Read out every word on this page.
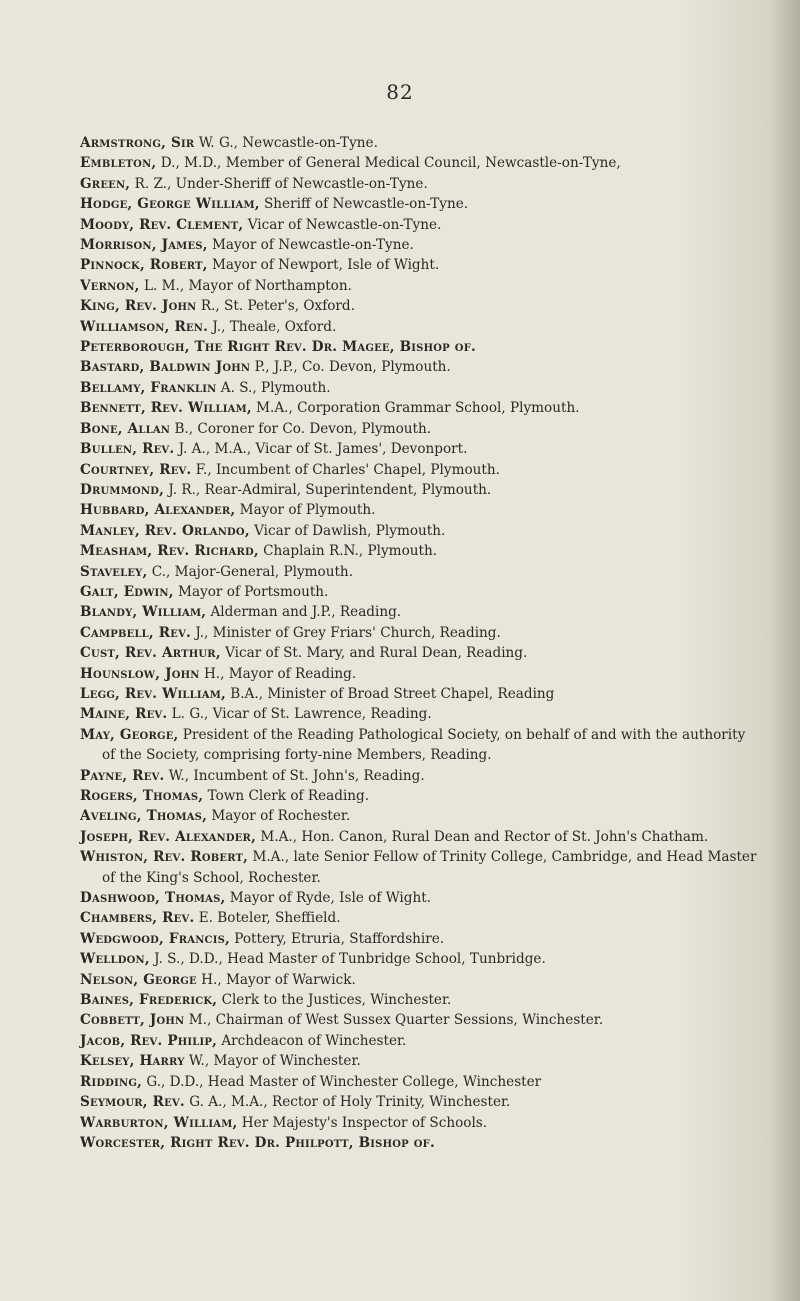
82
Armstrong, Sir W. G., Newcastle-on-Tyne.
Embleton, D., M.D., Member of General Medical Council, Newcastle-on-Tyne,
Green, R. Z., Under-Sheriff of Newcastle-on-Tyne.
Hodge, George William, Sheriff of Newcastle-on-Tyne.
Moody, Rev. Clement, Vicar of Newcastle-on-Tyne.
Morrison, James, Mayor of Newcastle-on-Tyne.
Pinnock, Robert, Mayor of Newport, Isle of Wight.
Vernon, L. M., Mayor of Northampton.
King, Rev. John R., St. Peter's, Oxford.
Williamson, Ren. J., Theale, Oxford.
Peterborough, The Right Rev. Dr. Magee, Bishop of.
Bastard, Baldwin John P., J.P., Co. Devon, Plymouth.
Bellamy, Franklin A. S., Plymouth.
Bennett, Rev. William, M.A., Corporation Grammar School, Plymouth.
Bone, Allan B., Coroner for Co. Devon, Plymouth.
Bullen, Rev. J. A., M.A., Vicar of St. James', Devonport.
Courtney, Rev. F., Incumbent of Charles' Chapel, Plymouth.
Drummond, J. R., Rear-Admiral, Superintendent, Plymouth.
Hubbard, Alexander, Mayor of Plymouth.
Manley, Rev. Orlando, Vicar of Dawlish, Plymouth.
Measham, Rev. Richard, Chaplain R.N., Plymouth.
Staveley, C., Major-General, Plymouth.
Galt, Edwin, Mayor of Portsmouth.
Blandy, William, Alderman and J.P., Reading.
Campbell, Rev. J., Minister of Grey Friars' Church, Reading.
Cust, Rev. Arthur, Vicar of St. Mary, and Rural Dean, Reading.
Hounslow, John H., Mayor of Reading.
Legg, Rev. William, B.A., Minister of Broad Street Chapel, Reading
Maine, Rev. L. G., Vicar of St. Lawrence, Reading.
May, George, President of the Reading Pathological Society, on behalf of and with the authority of the Society, comprising forty-nine Members, Reading.
Payne, Rev. W., Incumbent of St. John's, Reading.
Rogers, Thomas, Town Clerk of Reading.
Aveling, Thomas, Mayor of Rochester.
Joseph, Rev. Alexander, M.A., Hon. Canon, Rural Dean and Rector of St. John's Chatham.
Whiston, Rev. Robert, M.A., late Senior Fellow of Trinity College, Cambridge, and Head Master of the King's School, Rochester.
Dashwood, Thomas, Mayor of Ryde, Isle of Wight.
Chambers, Rev. E. Boteler, Sheffield.
Wedgwood, Francis, Pottery, Etruria, Staffordshire.
Welldon, J. S., D.D., Head Master of Tunbridge School, Tunbridge.
Nelson, George H., Mayor of Warwick.
Baines, Frederick, Clerk to the Justices, Winchester.
Cobbett, John M., Chairman of West Sussex Quarter Sessions, Winchester.
Jacob, Rev. Philip, Archdeacon of Winchester.
Kelsey, Harry W., Mayor of Winchester.
Ridding, G., D.D., Head Master of Winchester College, Winchester
Seymour, Rev. G. A., M.A., Rector of Holy Trinity, Winchester.
Warburton, William, Her Majesty's Inspector of Schools.
Worcester, Right Rev. Dr. Philpott, Bishop of.
